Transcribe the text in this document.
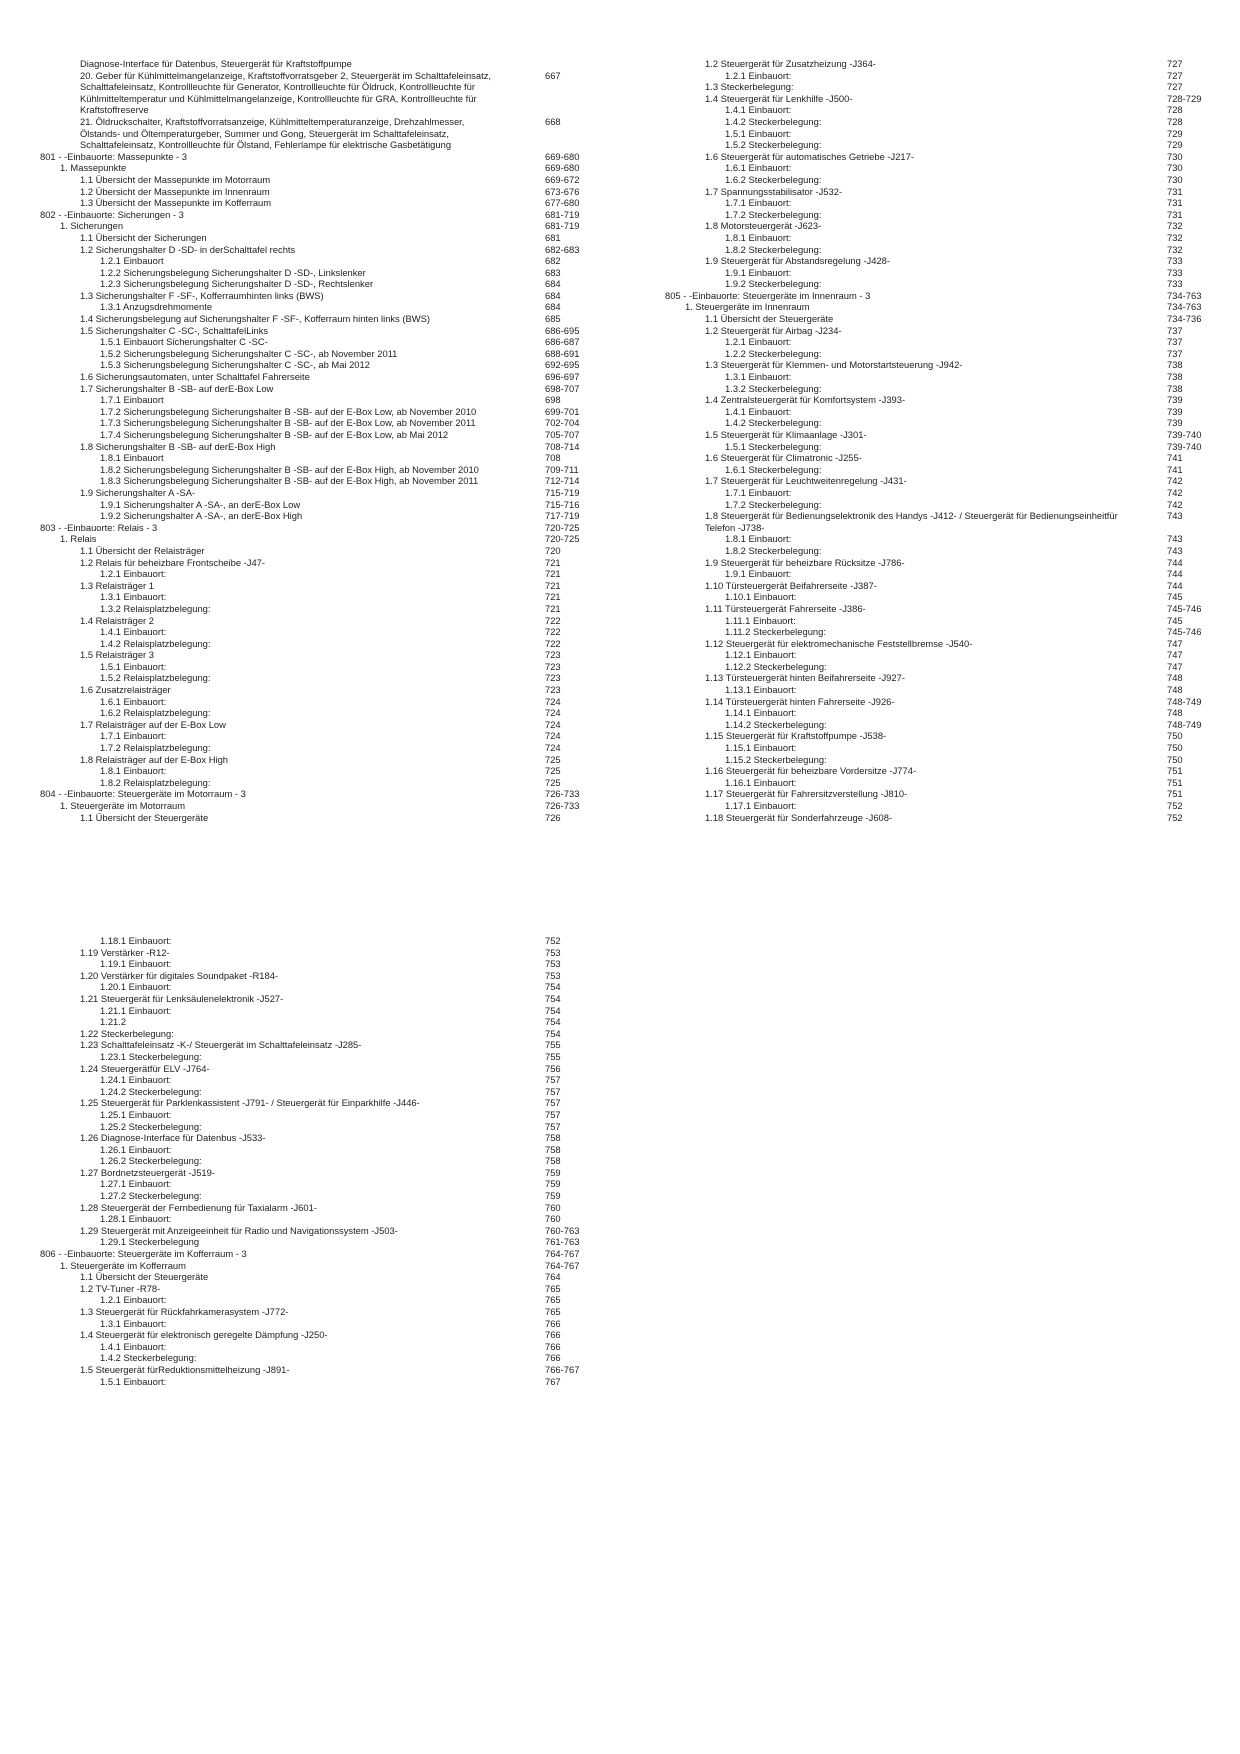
Diagnose-Interface für Datenbus, Steuergerät für Kraftstoffpumpe
20. Geber für Kühlmittelmangelanzeige, Kraftstoffvorratsgeber 2, Steuergerät im Schalttafeleinsatz,
Schalttafeleinsatz, Kontrollleuchte für Generator, Kontrollleuchte für Öldruck, Kontrollleuchte für
Kühlmitteltemperatur und Kühlmittelmangelanzeige, Kontrollleuchte für GRA, Kontrollleuchte für
Kraftstoffreserve
667
21. Öldruckschalter, Kraftstoffvorratsanzeige, Kühlmitteltemperaturanzeige, Drehzahlmesser,
Ölstands- und Öltemperaturgeber, Summer und Gong, Steuergerät im Schalttafeleinsatz,
Schalttafeleinsatz, Kontrollleuchte für Ölstand, Fehlerlampe für elektrische Gasbetätigung
668
801 - -Einbauorte: Massepunkte - 3	669-680
1. Massepunkte	669-680
1.1 Übersicht der Massepunkte im Motorraum	669-672
1.2 Übersicht der Massepunkte im Innenraum	673-676
1.3 Übersicht der Massepunkte im Kofferraum	677-680
802 - -Einbauorte: Sicherungen - 3	681-719
1. Sicherungen	681-719
1.1 Übersicht der Sicherungen	681
1.2 Sicherungshalter D -SD- in derSchalttafel rechts	682-683
1.2.1 Einbauort	682
1.2.2 Sicherungsbelegung Sicherungshalter D -SD-, Linkslenker	683
1.2.3 Sicherungsbelegung Sicherungshalter D -SD-, Rechtslenker	684
1.3 Sicherungshalter F -SF-, Kofferraumhinten links (BWS)	684
1.3.1 Anzugsdrehmomente	684
1.4 Sicherungsbelegung auf Sicherungshalter F -SF-, Kofferraum hinten links (BWS)	685
1.5 Sicherungshalter C -SC-, SchalttafelLinks	686-695
1.5.1 Einbauort Sicherungshalter C -SC-	686-687
1.5.2 Sicherungsbelegung Sicherungshalter C -SC-, ab November 2011	688-691
1.5.3 Sicherungsbelegung Sicherungshalter C -SC-, ab Mai 2012	692-695
1.6 Sicherungsautomaten, unter Schalttafel Fahrerseite	696-697
1.7 Sicherungshalter B -SB- auf derE-Box Low	698-707
1.7.1 Einbauort	698
1.7.2 Sicherungsbelegung Sicherungshalter B -SB- auf der E-Box Low, ab November 2010	699-701
1.7.3 Sicherungsbelegung Sicherungshalter B -SB- auf der E-Box Low, ab November 2011	702-704
1.7.4 Sicherungsbelegung Sicherungshalter B -SB- auf der E-Box Low, ab Mai 2012	705-707
1.8 Sicherungshalter B -SB- auf derE-Box High	708-714
1.8.1 Einbauort	708
1.8.2 Sicherungsbelegung Sicherungshalter B -SB- auf der E-Box High, ab November 2010	709-711
1.8.3 Sicherungsbelegung Sicherungshalter B -SB- auf der E-Box High, ab November 2011	712-714
1.9 Sicherungshalter A -SA-	715-719
1.9.1 Sicherungshalter A -SA-, an derE-Box Low	715-716
1.9.2 Sicherungshalter A -SA-, an derE-Box High	717-719
803 - -Einbauorte: Relais - 3	720-725
1. Relais	720-725
1.1 Übersicht der Relaisträger	720
1.2 Relais für beheizbare Frontscheibe -J47-	721
1.2.1 Einbauort:	721
1.3 Relaisträger 1	721
1.3.1 Einbauort:	721
1.3.2 Relaisplatzbelegung:	721
1.4 Relaisträger 2	722
1.4.1 Einbauort:	722
1.4.2 Relaisplatzbelegung:	722
1.5 Relaisträger 3	723
1.5.1 Einbauort:	723
1.5.2 Relaisplatzbelegung:	723
1.6 Zusatzrelaisträger	723
1.6.1 Einbauort:	724
1.6.2 Relaisplatzbelegung:	724
1.7 Relaisträger auf der E-Box Low	724
1.7.1 Einbauort:	724
1.7.2 Relaisplatzbelegung:	724
1.8 Relaisträger auf der E-Box High	725
1.8.1 Einbauort:	725
1.8.2 Relaisplatzbelegung:	725
804 - -Einbauorte: Steuergeräte im Motorraum - 3	726-733
1. Steuergeräte im Motorraum	726-733
1.1 Übersicht der Steuergeräte	726
1.2 Steuergerät für Zusatzheizung -J364-	727
1.2.1 Einbauort:	727
1.3 Steckerbelegung:	727
1.4 Steuergerät für Lenkhilfe -J500-	728-729
1.4.1 Einbauort:	728
1.4.2 Steckerbelegung:	728
1.5.1 Einbauort:	729
1.5.2 Steckerbelegung:	729
1.6 Steuergerät für automatisches Getriebe -J217-	730
1.6.1 Einbauort:	730
1.6.2 Steckerbelegung:	730
1.7 Spannungsstabilisator -J532-	731
1.7.1 Einbauort:	731
1.7.2 Steckerbelegung:	731
1.8 Motorsteuergerät -J623-	732
1.8.1 Einbauort:	732
1.8.2 Steckerbelegung:	732
1.9 Steuergerät für Abstandsregelung -J428-	733
1.9.1 Einbauort:	733
1.9.2 Steckerbelegung:	733
805 - -Einbauorte: Steuergeräte im Innenraum - 3	734-763
1. Steuergeräte im Innenraum	734-763
1.1 Übersicht der Steuergeräte	734-736
1.2 Steuergerät für Airbag -J234-	737
1.2.1 Einbauort:	737
1.2.2 Steckerbelegung:	737
1.3 Steuergerät für Klemmen- und Motorstartsteuerung -J942-	738
1.3.1 Einbauort:	738
1.3.2 Steckerbelegung:	738
1.4 Zentralsteuergerät für Komfortsystem -J393-	739
1.4.1 Einbauort:	739
1.4.2 Steckerbelegung:	739
1.5 Steuergerät für Klimaanlage -J301-	739-740
1.5.1 Steckerbelegung:	739-740
1.6 Steuergerät für Climatronic -J255-	741
1.6.1 Steckerbelegung:	741
1.7 Steuergerät für Leuchtweitenregelung -J431-	742
1.7.1 Einbauort:	742
1.7.2 Steckerbelegung:	742
1.8 Steuergerät für Bedienungselektronik des Handys -J412- / Steuergerät für Bedienungseinheitfür
Telefon -J738-
743
1.8.1 Einbauort:	743
1.8.2 Steckerbelegung:	743
1.9 Steuergerät für beheizbare Rücksitze -J786-	744
1.9.1 Einbauort:	744
1.10 Türsteuergerät Beifahrerseite -J387-	744
1.10.1 Einbauort:	745
1.11 Türsteuergerät Fahrerseite -J386-	745-746
1.11.1 Einbauort:	745
1.11.2 Steckerbelegung:	745-746
1.12 Steuergerät für elektromechanische Feststellbremse -J540-	747
1.12.1 Einbauort:	747
1.12.2 Steckerbelegung:	747
1.13 Türsteuergerät hinten Beifahrerseite -J927-	748
1.13.1 Einbauort:	748
1.14 Türsteuergerät hinten Fahrerseite -J926-	748-749
1.14.1 Einbauort:	748
1.14.2 Steckerbelegung:	748-749
1.15 Steuergerät für Kraftstoffpumpe -J538-	750
1.15.1 Einbauort:	750
1.15.2 Steckerbelegung:	750
1.16 Steuergerät für beheizbare Vordersitze -J774-	751
1.16.1 Einbauort:	751
1.17 Steuergerät für Fahrersitzverstellung -J810-	751
1.17.1 Einbauort:	752
1.18 Steuergerät für Sonderfahrzeuge -J608-	752
1.18.1 Einbauort:	752
1.19 Verstärker -R12-	753
1.19.1 Einbauort:	753
1.20 Verstärker für digitales Soundpaket -R184-	753
1.20.1 Einbauort:	754
1.21 Steuergerät für Lenksäulenelektronik -J527-	754
1.21.1 Einbauort:	754
1.21.2	754
1.22 Steckerbelegung:	754
1.23 Schalttafeleinsatz -K-/ Steuergerät im Schalttafeleinsatz -J285-	755
1.23.1 Steckerbelegung:	755
1.24 Steuergerätfür ELV -J764-	756
1.24.1 Einbauort:	757
1.24.2 Steckerbelegung:	757
1.25 Steuergerät für Parklenkassistent -J791- / Steuergerät für Einparkhilfe -J446-	757
1.25.1 Einbauort:	757
1.25.2 Steckerbelegung:	757
1.26 Diagnose-Interface für Datenbus -J533-	758
1.26.1 Einbauort:	758
1.26.2 Steckerbelegung:	758
1.27 Bordnetzsteuergerät -J519-	759
1.27.1 Einbauort:	759
1.27.2 Steckerbelegung:	759
1.28 Steuergerät der Fernbedienung für Taxialarm -J601-	760
1.28.1 Einbauort:	760
1.29 Steuergerät mit Anzeigeeinheit für Radio und Navigationssystem -J503-	760-763
1.29.1 Steckerbelegung	761-763
806 - -Einbauorte: Steuergeräte im Kofferraum - 3	764-767
1. Steuergeräte im Kofferraum	764-767
1.1 Übersicht der Steuergeräte	764
1.2 TV-Tuner -R78-	765
1.2.1 Einbauort:	765
1.3 Steuergerät für Rückfahrkamerasystem -J772-	765
1.3.1 Einbauort:	766
1.4 Steuergerät für elektronisch geregelte Dämpfung -J250-	766
1.4.1 Einbauort:	766
1.4.2 Steckerbelegung:	766
1.5 Steuergerät fürReduktionsmittelheizung -J891-	766-767
1.5.1 Einbauort:	767
